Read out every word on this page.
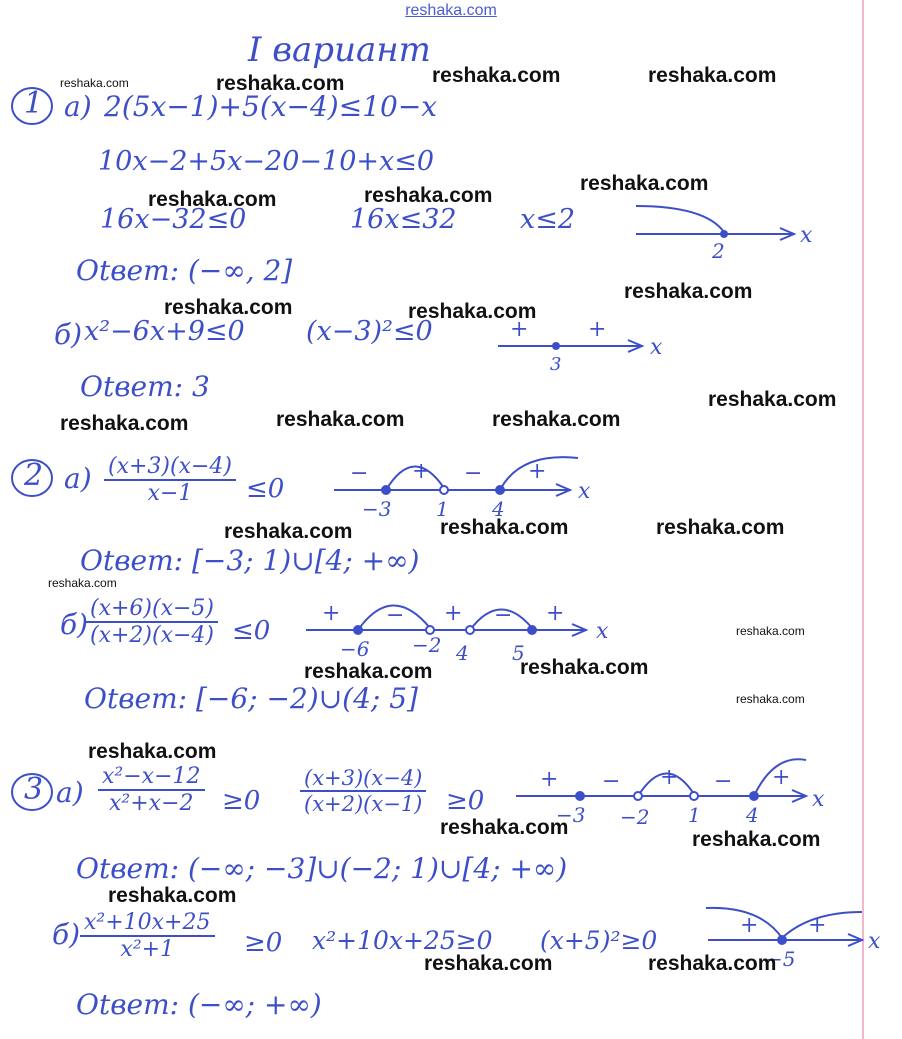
reshaka.com
I вариант
1 а) 2(5x−1)+5(x−4)≤10−x
10x−2+5x−20−10+x≤0
16x−32≤0	16x≤32 x≤2
Otвет: (−∞, 2]
б) x²−6x+9≤0 (x−3)²≤0
Otвет: 3
2 $а) \frac{(x+3)(x-4)}{x-1} \le 0$
Otвет: [−3; 1)∪[4; +∞)
б)
$\frac{(x+6)(x-5)}{(x+2)(x-4)} \le 0$
Otвет: [−6; −2)∪(4; 5]
3 $а) \frac{\text{x²−x−12}}{\text{x²+x−2}} \ge 0 \frac{(x+3)(x-4)}{(x+2)(x-1)} \ge 0$
Otвет: (−∞; −3]∪(−2; 1)∪[4; +∞)
$б) \frac{\text{x²+10x+25}}{\text{x²+1}} \ge 0$ x²+10x+25≥0 (x+5)²≥0
Otвет: (−∞; +∞)
2
x
+	+
3
x
− + − +
−3 1 4
x
+ − + − +
−6 −2 4 5
x
+ − + − +
−3 −2 1 4
x
+ +
−5
x
reshaka.com	reshaka.com	reshaka.com	reshaka.com
reshaka.com	reshaka.com
reshaka.com
reshaka.com	reshaka.com
reshaka.com
reshaka.com
reshaka.com	reshaka.com	reshaka.com
reshaka.com	reshaka.com	reshaka.com
reshaka.com
reshaka.com
reshaka.com	reshaka.com
reshaka.com
reshaka.com
reshaka.com
reshaka.com
reshaka.com
reshaka.com	reshaka.com
